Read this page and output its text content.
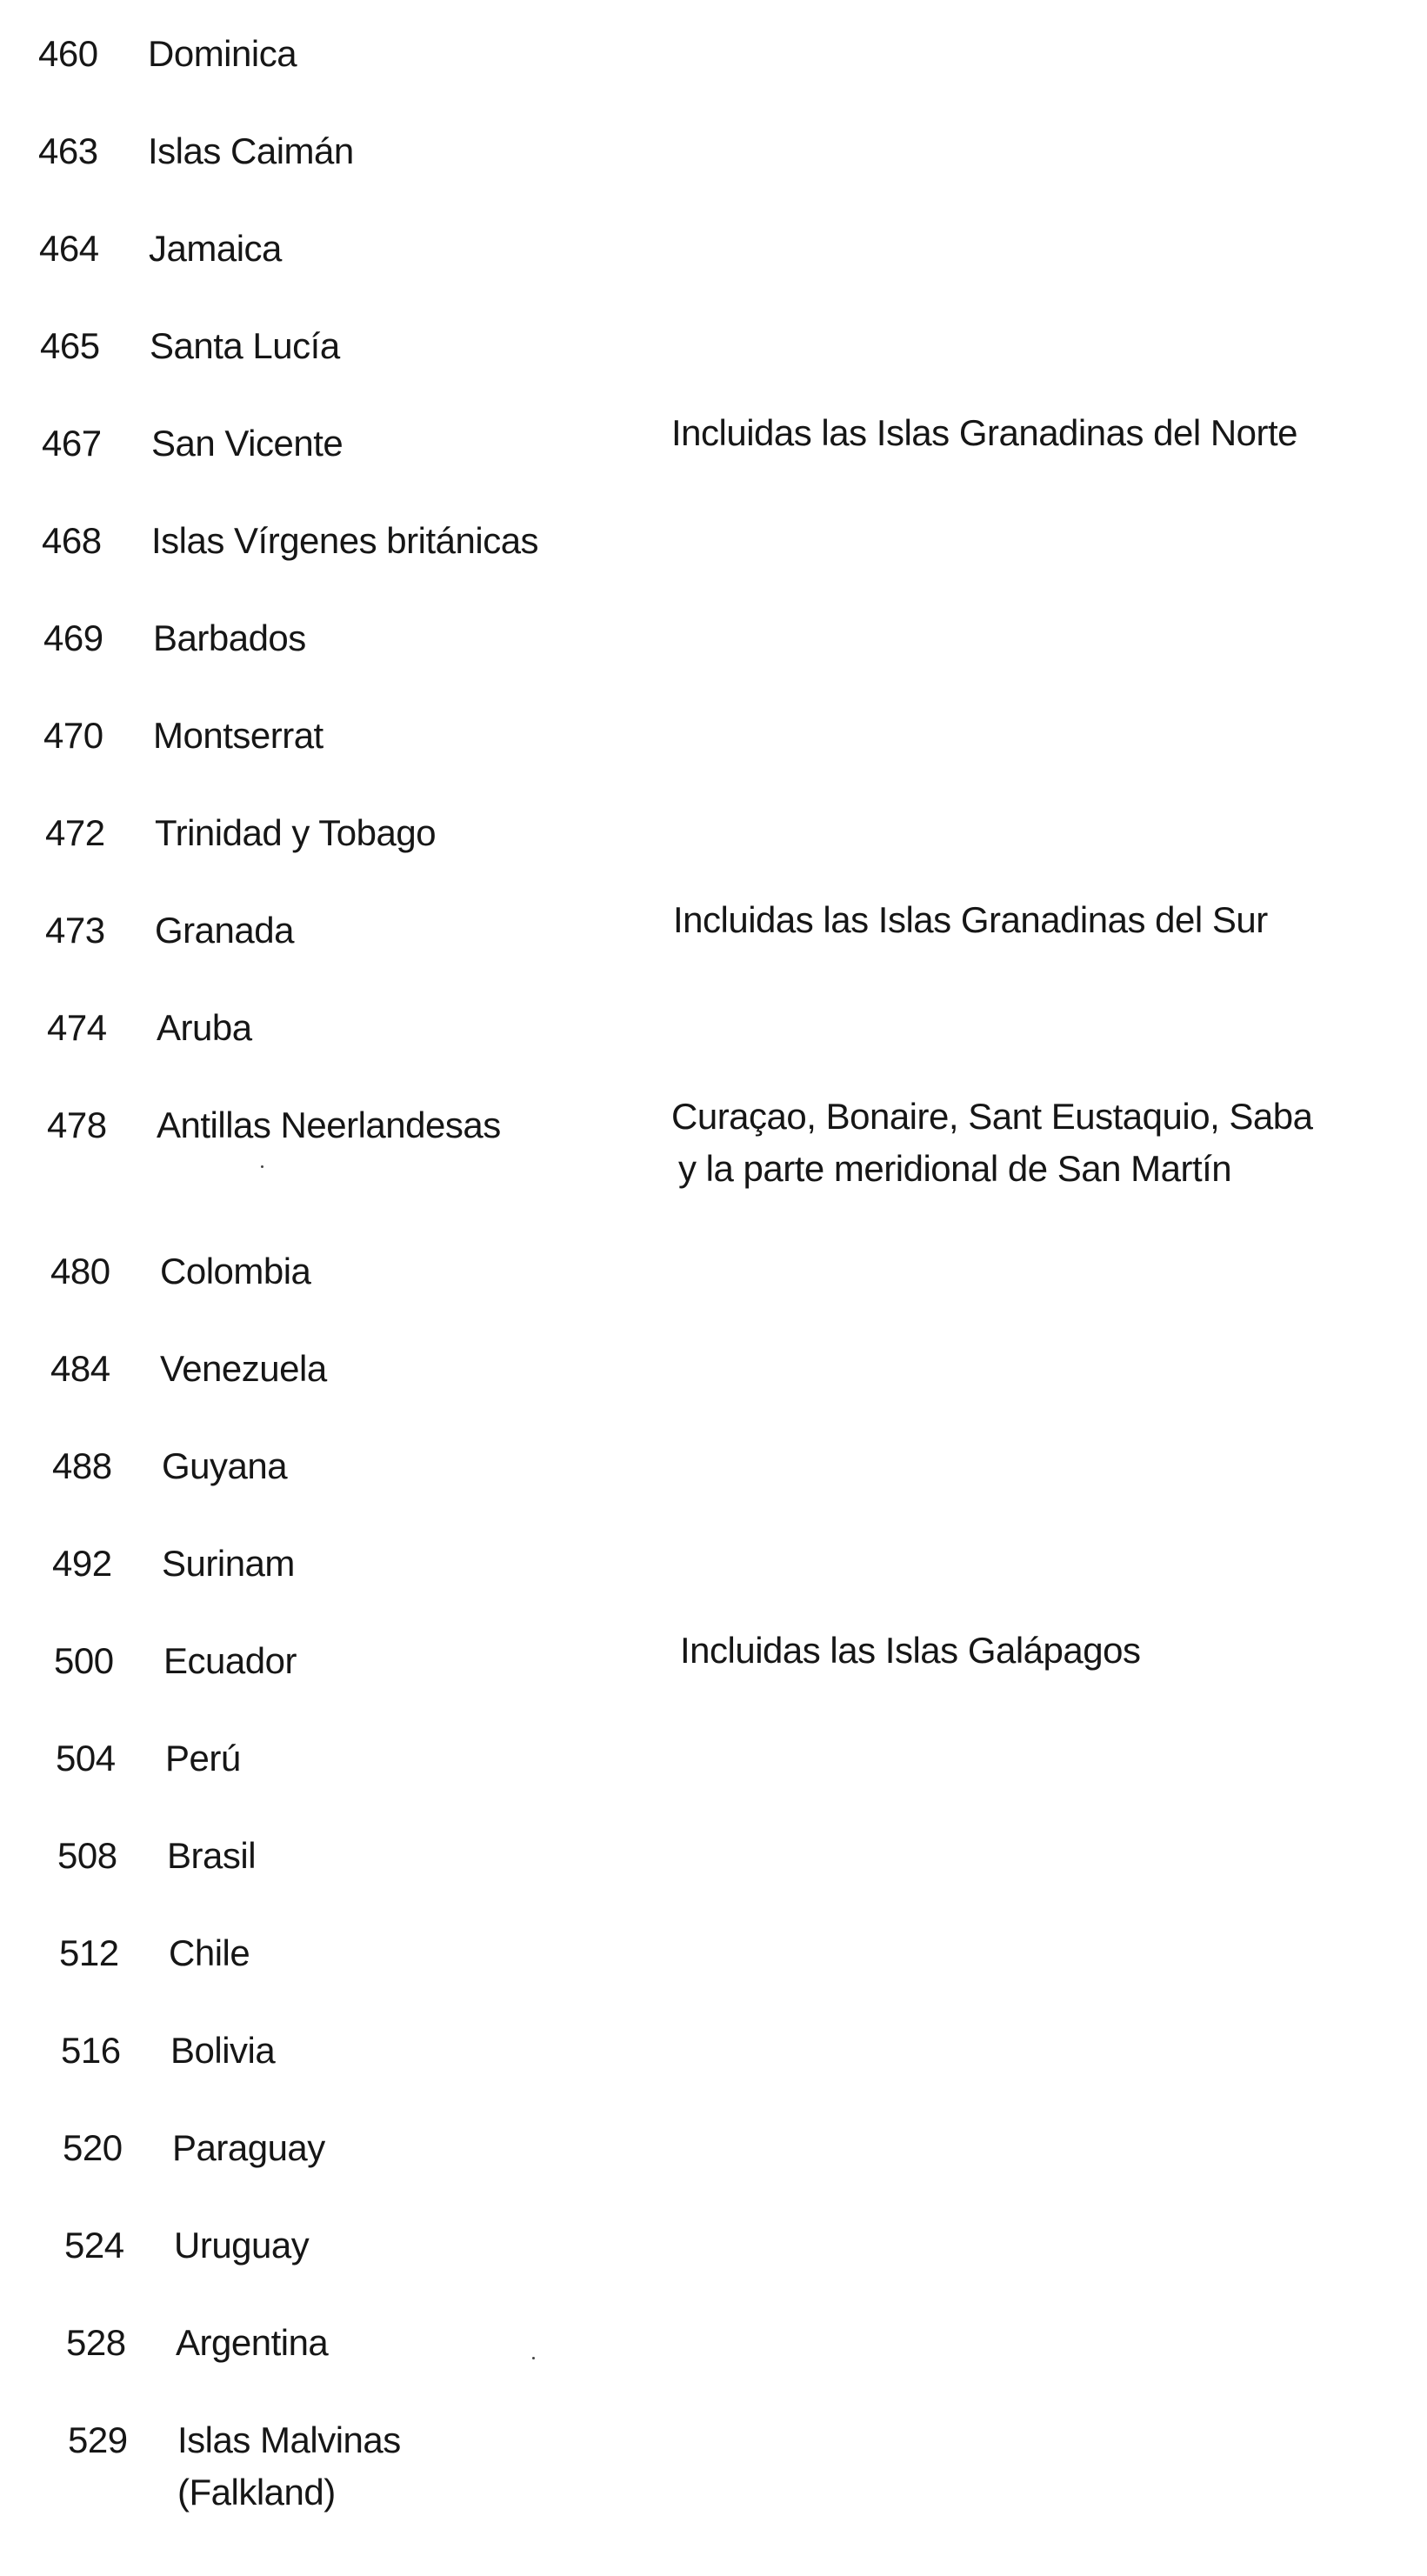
460 Dominica
463 Islas Caimán
464 Jamaica
465 Santa Lucía
467 San Vicente	Incluidas las Islas Granadinas del Norte
468 Islas Vírgenes británicas
469 Barbados
470 Montserrat
472 Trinidad y Tobago
473 Granada	Incluidas las Islas Granadinas del Sur
474 Aruba
478 Antillas Neerlandesas	Curaçao, Bonaire, Sant Eustaquio, Saba
y la parte meridional de San Martín
480 Colombia
484 Venezuela
488 Guyana
492 Surinam
500 Ecuador	Incluidas las Islas Galápagos
504 Perú
508 Brasil
512 Chile
516 Bolivia
520 Paraguay
524 Uruguay
528 Argentina
529 Islas Malvinas
(Falkland)
